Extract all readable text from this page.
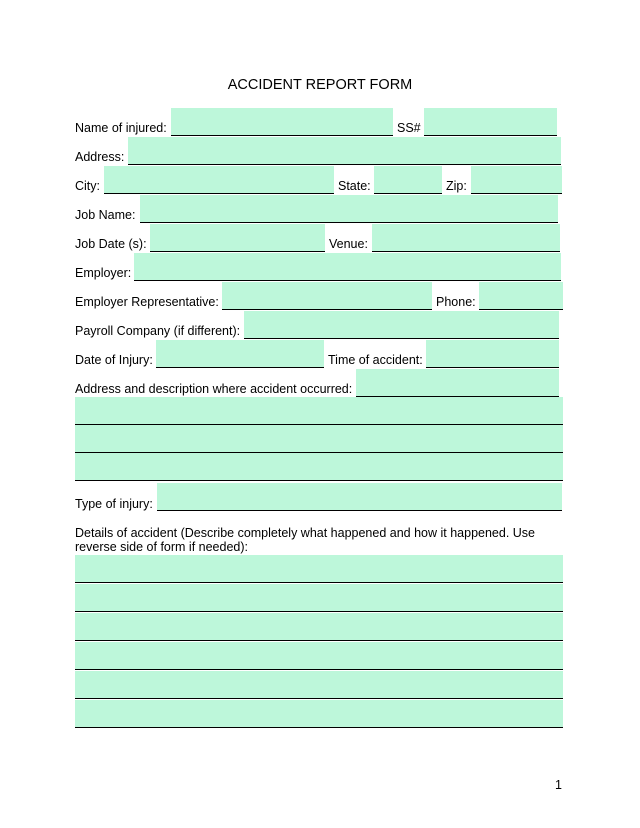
ACCIDENT REPORT FORM
Name of injured:	SS#
Address:
City:	State:	Zip:
Job Name:
Job Date (s):	Venue:
Employer:
Employer Representative:	Phone:
Payroll Company (if different):
Date of Injury:	Time of accident:
Address and description where accident occurred:
Type of injury:
Details of accident (Describe completely what happened and how it happened. Use reverse side of form if needed):
1
